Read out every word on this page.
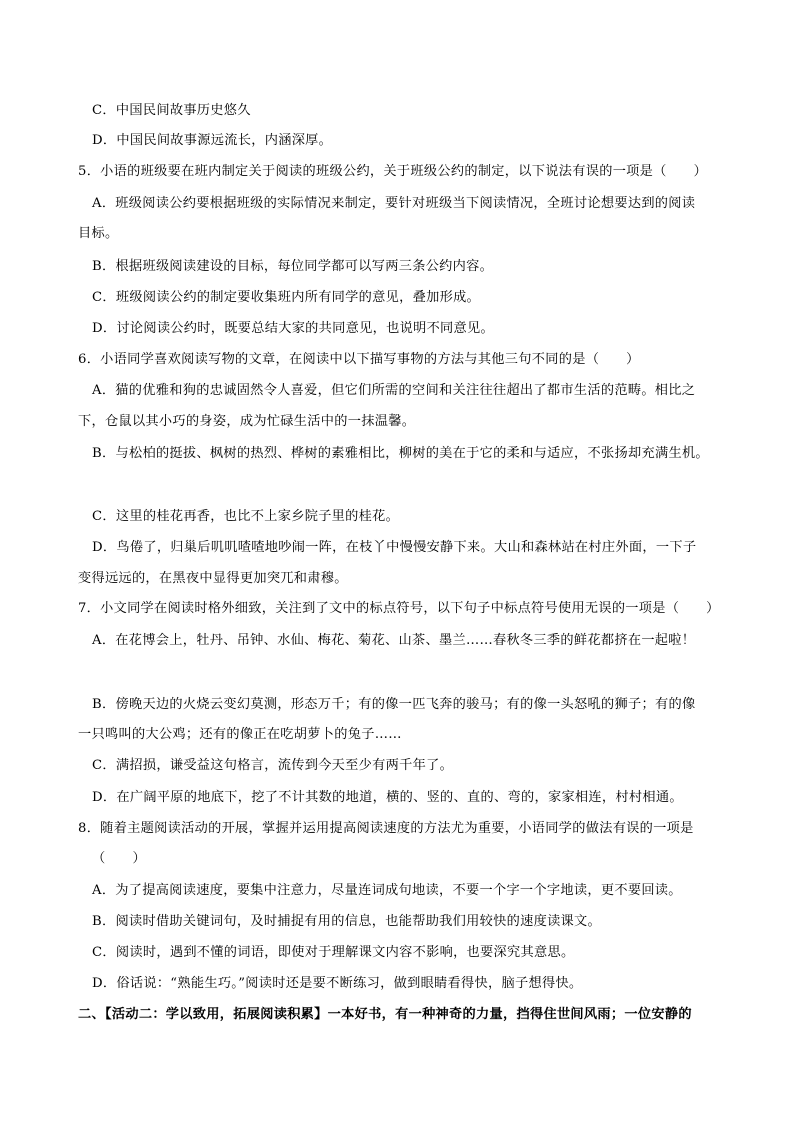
C．中国民间故事历史悠久
D．中国民间故事源远流长，内涵深厚。
5．小语的班级要在班内制定关于阅读的班级公约，关于班级公约的制定，以下说法有误的一项是（　　）
A．班级阅读公约要根据班级的实际情况来制定，要针对班级当下阅读情况，全班讨论想要达到的阅读
目标。
B．根据班级阅读建设的目标，每位同学都可以写两三条公约内容。
C．班级阅读公约的制定要收集班内所有同学的意见，叠加形成。
D．讨论阅读公约时，既要总结大家的共同意见，也说明不同意见。
6．小语同学喜欢阅读写物的文章，在阅读中以下描写事物的方法与其他三句不同的是（　　）
A．猫的优雅和狗的忠诚固然令人喜爱，但它们所需的空间和关注往往超出了都市生活的范畴。相比之
下，仓鼠以其小巧的身姿，成为忙碌生活中的一抹温馨。
B．与松柏的挺拔、枫树的热烈、桦树的素雅相比，柳树的美在于它的柔和与适应，不张扬却充满生机。
C．这里的桂花再香，也比不上家乡院子里的桂花。
D．鸟倦了，归巢后叽叽喳喳地吵闹一阵，在枝丫中慢慢安静下来。大山和森林站在村庄外面，一下子
变得远远的，在黑夜中显得更加突兀和肃穆。
7．小文同学在阅读时格外细致，关注到了文中的标点符号，以下句子中标点符号使用无误的一项是（　　）
A．在花博会上，牡丹、吊钟、水仙、梅花、菊花、山茶、墨兰……春秋冬三季的鲜花都挤在一起啦！
B．傍晚天边的火烧云变幻莫测，形态万千；有的像一匹飞奔的骏马；有的像一头怒吼的狮子；有的像
一只鸣叫的大公鸡；还有的像正在吃胡萝卜的兔子……
C．满招损，谦受益这句格言，流传到今天至少有两千年了。
D．在广阔平原的地底下，挖了不计其数的地道，横的、竖的、直的、弯的，家家相连，村村相通。
8．随着主题阅读活动的开展，掌握并运用提高阅读速度的方法尤为重要，小语同学的做法有误的一项是
（　　）
A．为了提高阅读速度，要集中注意力，尽量连词成句地读，不要一个字一个字地读，更不要回读。
B．阅读时借助关键词句，及时捕捉有用的信息，也能帮助我们用较快的速度读课文。
C．阅读时，遇到不懂的词语，即使对于理解课文内容不影响，也要深究其意思。
D．俗话说：“熟能生巧。”阅读时还是要不断练习，做到眼睛看得快，脑子想得快。
二、【活动二：学以致用，拓展阅读积累】一本好书，有一种神奇的力量，挡得住世间风雨；一位安静的
